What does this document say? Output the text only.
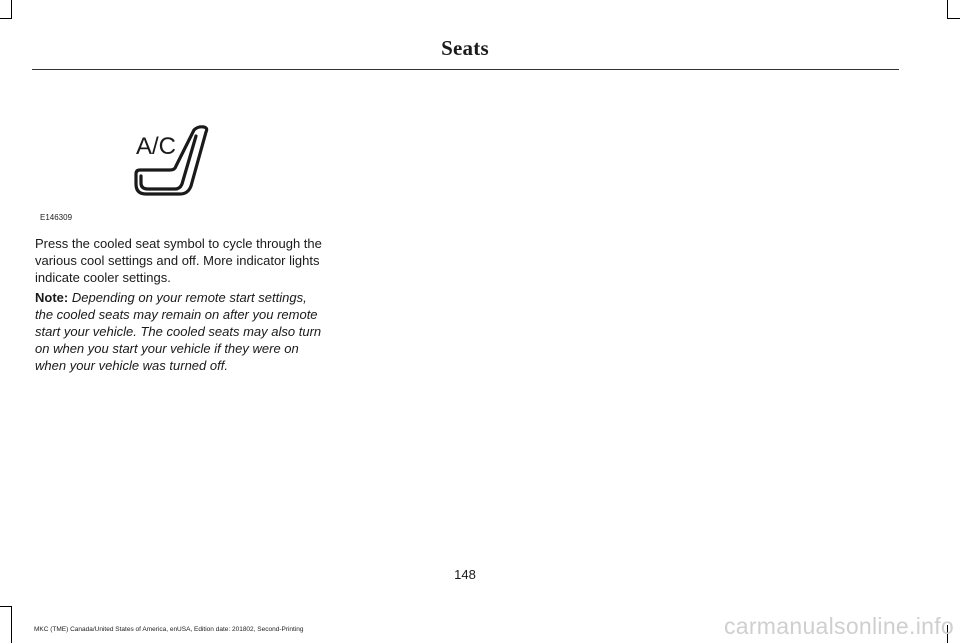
Seats
A/C
E146309

Press the cooled seat symbol to cycle through the various cool settings and off. More indicator lights indicate cooler settings.

Note: Depending on your remote start settings, the cooled seats may remain on after you remote start your vehicle. The cooled seats may also turn on when you start your vehicle if they were on when your vehicle was turned off.

148
MKC (TME) Canada/United States of America, enUSA, Edition date: 201802, Second-Printing	carmanualsonline.info
